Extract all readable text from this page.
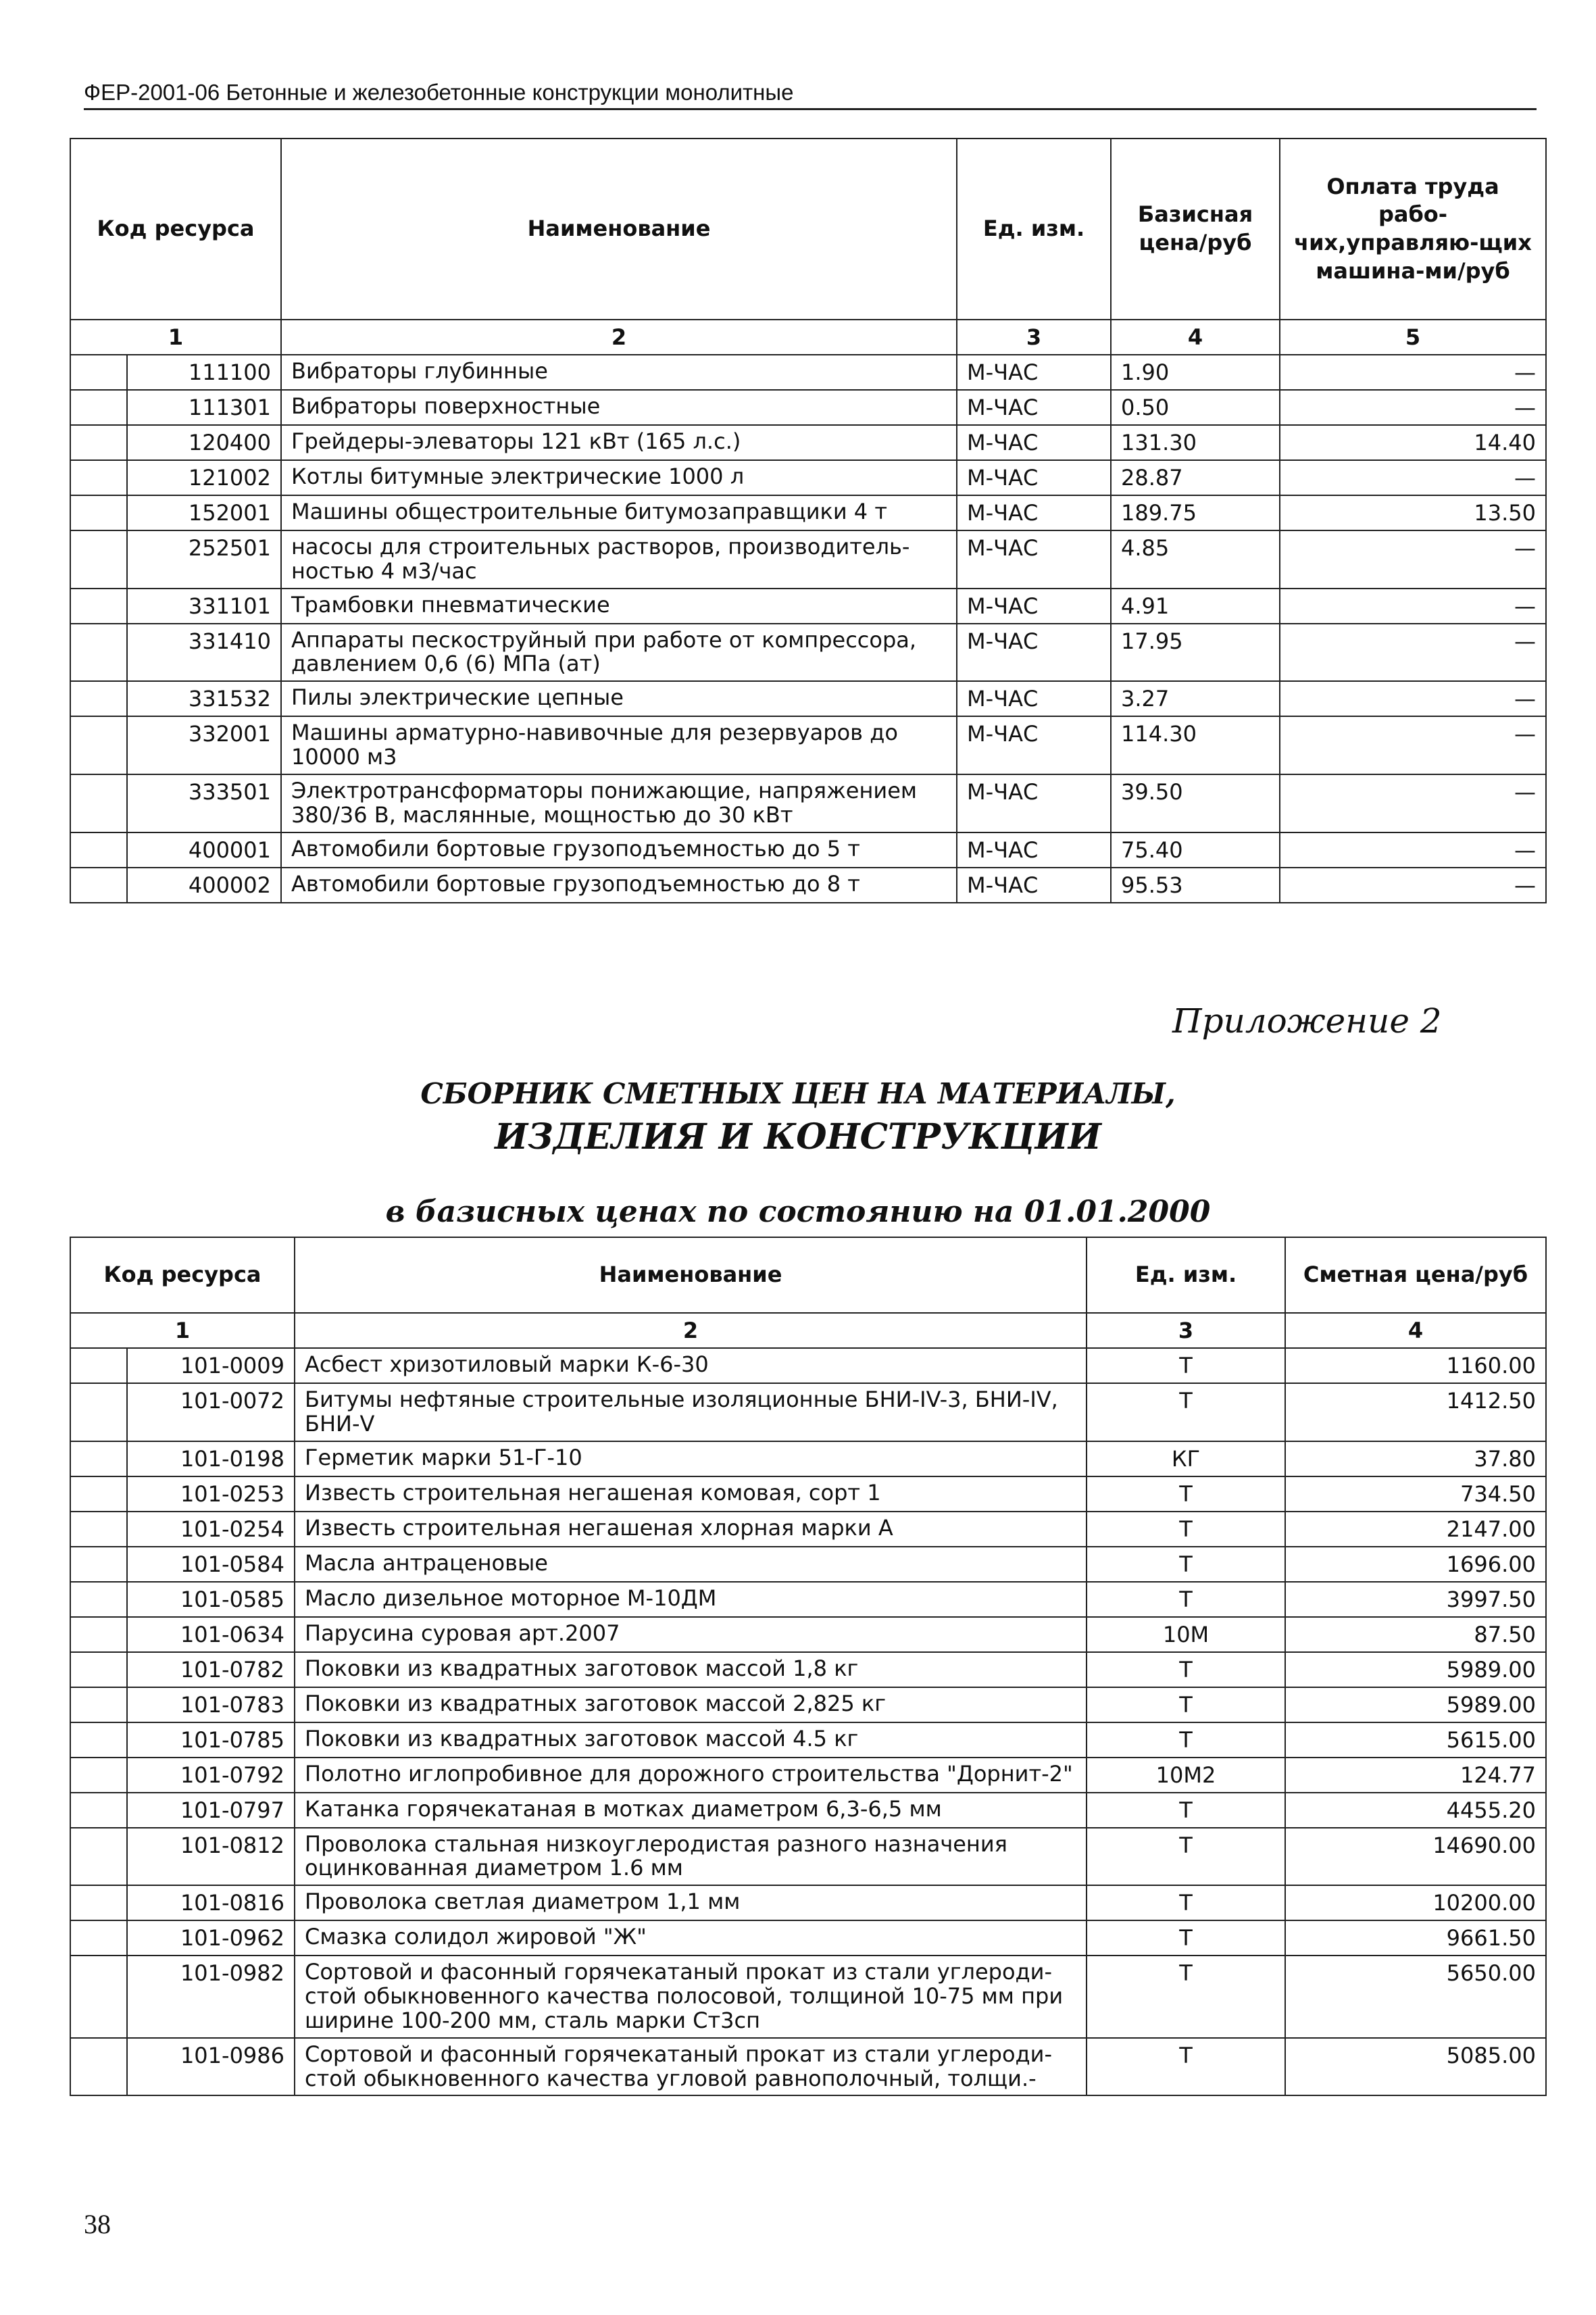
ФЕР-2001-06 Бетонные и железобетонные конструкции монолитные
Код ресурса		Наименование	Ед. изм.	Базисная цена/руб	Оплата труда рабо-чих,управляю-щих машина-ми/руб
1		2	3	4	5
	111100	Вибраторы глубинные	М-ЧАС	1.90	—
	111301	Вибраторы поверхностные	М-ЧАС	0.50	—
	120400	Грейдеры-элеваторы 121 кВт (165 л.с.)	М-ЧАС	131.30	14.40
	121002	Котлы битумные электрические 1000 л	М-ЧАС	28.87	—
	152001	Машины общестроительные битумозаправщики 4 т	М-ЧАС	189.75	13.50
	252501	насосы для строительных растворов, производитель-ностью 4 м3/час	М-ЧАС	4.85	—
	331101	Трамбовки пневматические	М-ЧАС	4.91	—
	331410	Аппараты пескоструйный при работе от компрессора, давлением 0,6 (6) МПа (ат)	М-ЧАС	17.95	—
	331532	Пилы электрические цепные	М-ЧАС	3.27	—
	332001	Машины арматурно-навивочные для резервуаров до 10000 м3	М-ЧАС	114.30	—
	333501	Электротрансформаторы понижающие, напряжением 380/36 В, маслянные, мощностью до 30 кВт	М-ЧАС	39.50	—
	400001	Автомобили бортовые грузоподъемностью до 5 т	М-ЧАС	75.40	—
	400002	Автомобили бортовые грузоподъемностью до 8 т	М-ЧАС	95.53	—
Приложение 2
СБОРНИК СМЕТНЫХ ЦЕН НА МАТЕРИАЛЫ,
ИЗДЕЛИЯ И КОНСТРУКЦИИ
в базисных ценах по состоянию на 01.01.2000
Код ресурса		Наименование	Ед. изм.	Сметная цена/руб
1		2	3	4
	101-0009	Асбест хризотиловый марки К-6-30	Т	1160.00
	101-0072	Битумы нефтяные строительные изоляционные БНИ-IV-3, БНИ-IV, БНИ-V	Т	1412.50
	101-0198	Герметик марки 51-Г-10	КГ	37.80
	101-0253	Известь строительная негашеная комовая, сорт 1	Т	734.50
	101-0254	Известь строительная негашеная хлорная марки А	Т	2147.00
	101-0584	Масла антраценовые	Т	1696.00
	101-0585	Масло дизельное моторное М-10ДМ	Т	3997.50
	101-0634	Парусина суровая арт.2007	10М	87.50
	101-0782	Поковки из квадратных заготовок массой 1,8 кг	Т	5989.00
	101-0783	Поковки из квадратных заготовок массой 2,825 кг	Т	5989.00
	101-0785	Поковки из квадратных заготовок массой 4.5 кг	Т	5615.00
	101-0792	Полотно иглопробивное для дорожного строительства "Дорнит-2"	10М2	124.77
	101-0797	Катанка горячекатаная в мотках диаметром 6,3-6,5 мм	Т	4455.20
	101-0812	Проволока стальная низкоуглеродистая разного назначения оцинкованная диаметром 1.6 мм	Т	14690.00
	101-0816	Проволока светлая диаметром 1,1 мм	Т	10200.00
	101-0962	Смазка солидол жировой "Ж"	Т	9661.50
	101-0982	Сортовой и фасонный горячекатаный прокат из стали углероди-стой обыкновенного качества полосовой, толщиной 10-75 мм при ширине 100-200 мм, сталь марки Ст3сп	Т	5650.00
	101-0986	Сортовой и фасонный горячекатаный прокат из стали углероди-стой обыкновенного качества угловой равнополочный, толщи.-	Т	5085.00
38
